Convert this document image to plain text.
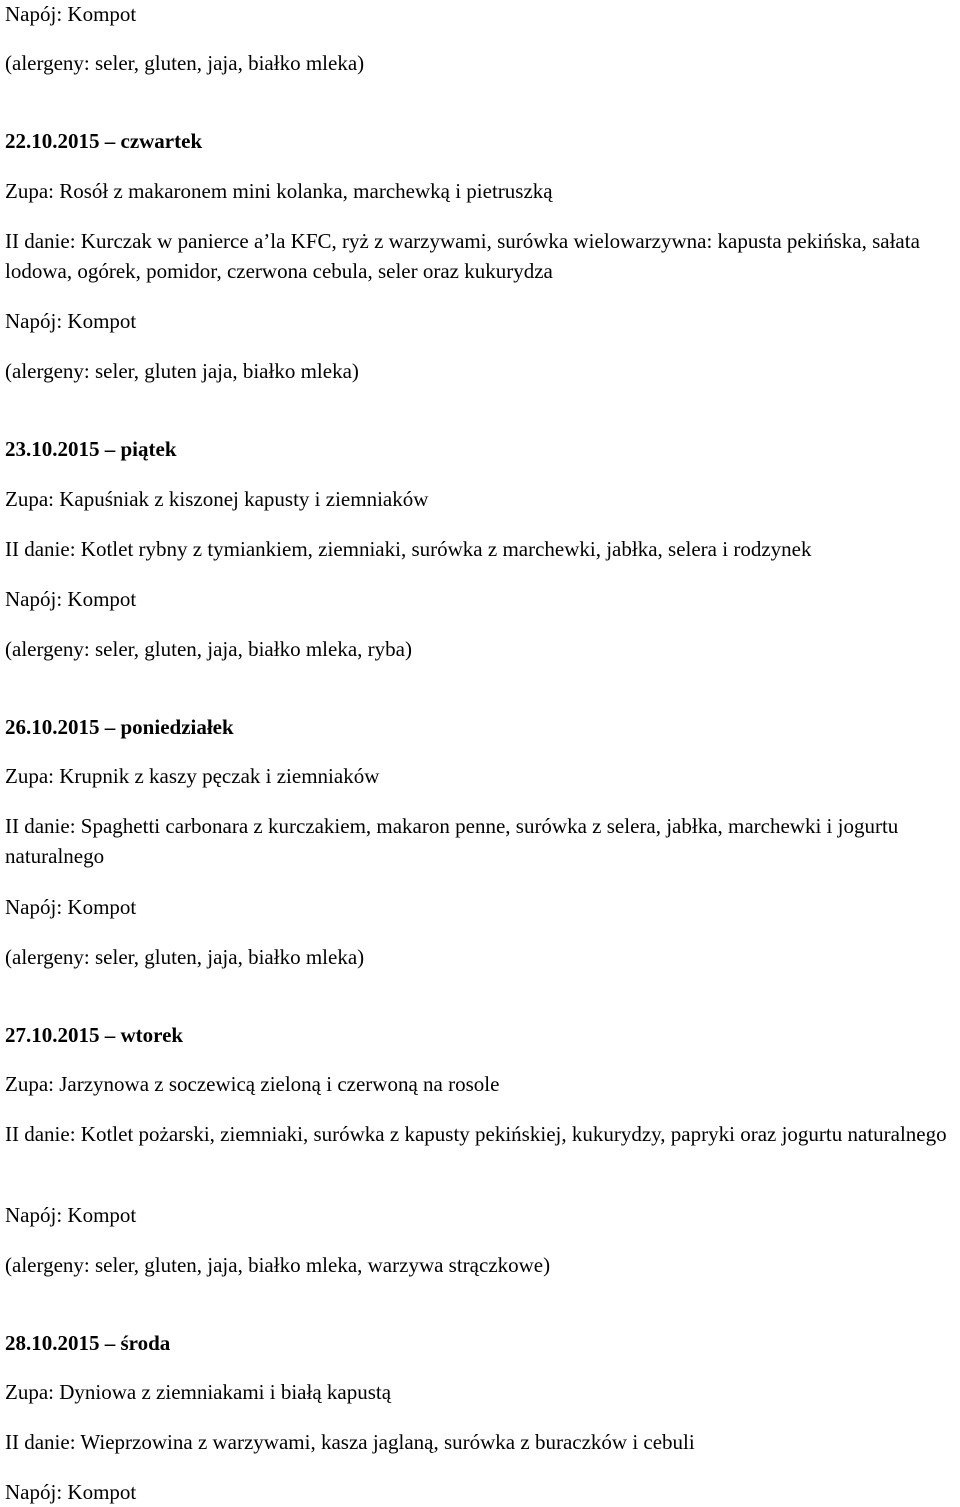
Napój: Kompot

(alergeny: seler, gluten, jaja, białko mleka)

22.10.2015 – czwartek

Zupa: Rosół z makaronem mini kolanka, marchewką i pietruszką

II danie: Kurczak w panierce a’la KFC, ryż z warzywami, surówka wielowarzywna: kapusta pekińska, sałata lodowa, ogórek, pomidor, czerwona cebula, seler oraz kukurydza

Napój: Kompot

(alergeny: seler, gluten jaja, białko mleka)

23.10.2015 – piątek

Zupa: Kapuśniak z kiszonej kapusty i ziemniaków

II danie: Kotlet rybny z tymiankiem, ziemniaki, surówka z marchewki, jabłka, selera i rodzynek

Napój: Kompot

(alergeny: seler, gluten, jaja, białko mleka, ryba)

26.10.2015 – poniedziałek

Zupa: Krupnik z kaszy pęczak i ziemniaków

II danie: Spaghetti carbonara z kurczakiem, makaron penne, surówka z selera, jabłka, marchewki i jogurtu naturalnego

Napój: Kompot

(alergeny: seler, gluten, jaja, białko mleka)

27.10.2015 – wtorek

Zupa: Jarzynowa z soczewicą zieloną i czerwoną na rosole

II danie: Kotlet pożarski, ziemniaki, surówka z kapusty pekińskiej, kukurydzy, papryki oraz jogurtu naturalnego

Napój: Kompot

(alergeny: seler, gluten, jaja, białko mleka, warzywa strączkowe)

28.10.2015 – środa

Zupa: Dyniowa z ziemniakami i białą kapustą

II danie: Wieprzowina z warzywami, kasza jaglaną, surówka z buraczków i cebuli

Napój: Kompot
